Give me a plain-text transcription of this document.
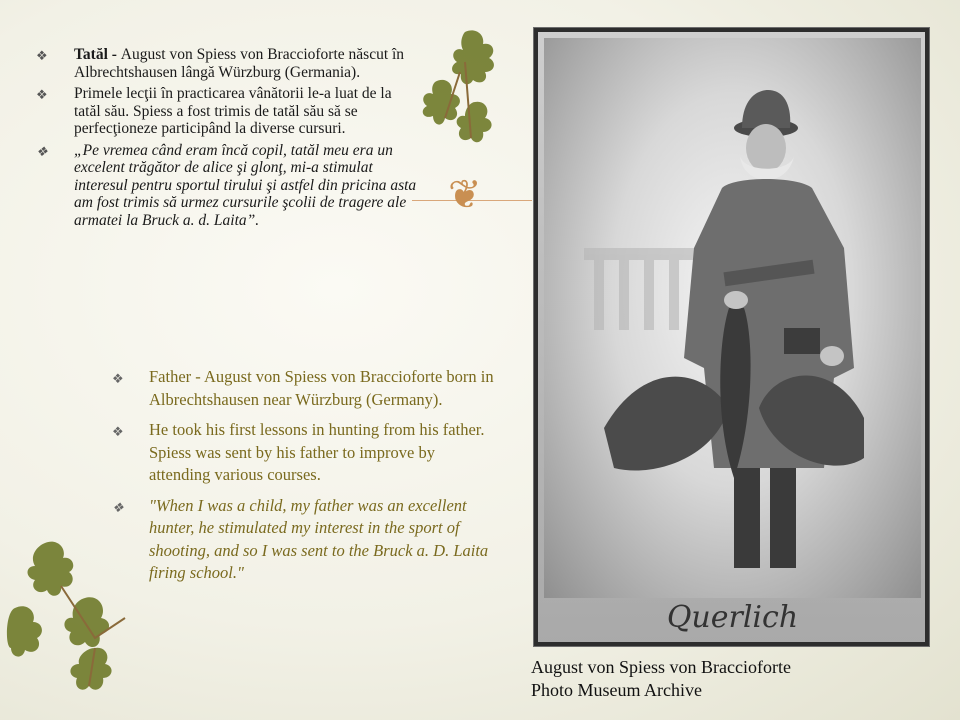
❖ Tatăl - August von Spiess von Braccioforte născut în Albrechtshausen lângă Würzburg (Germania).
❖ Primele lecţii în practicarea vânătorii le-a luat de la tatăl său. Spiess a fost trimis de tatăl său să se perfecţioneze participând la diverse cursuri.
❖ „Pe vremea când eram încă copil, tatăl meu era un excelent trăgător de alice şi glonţ, mi-a stimulat interesul pentru sportul tirului şi astfel din pricina asta am fost trimis să urmez cursurile şcolii de tragere ale armatei la Bruck a. d. Laita”.
❦
❖ Father - August von Spiess von Braccioforte born in Albrechtshausen near Würzburg (Germany).
❖ He took his first lessons in hunting from his father. Spiess was sent by his father to improve by attending various courses.
❖ "When I was a child, my father was an excellent hunter, he stimulated my interest in the sport of shooting, and so I was sent to the Bruck a. D. Laita firing school."
Querlich
August von Spiess von Braccioforte
Photo Museum Archive
